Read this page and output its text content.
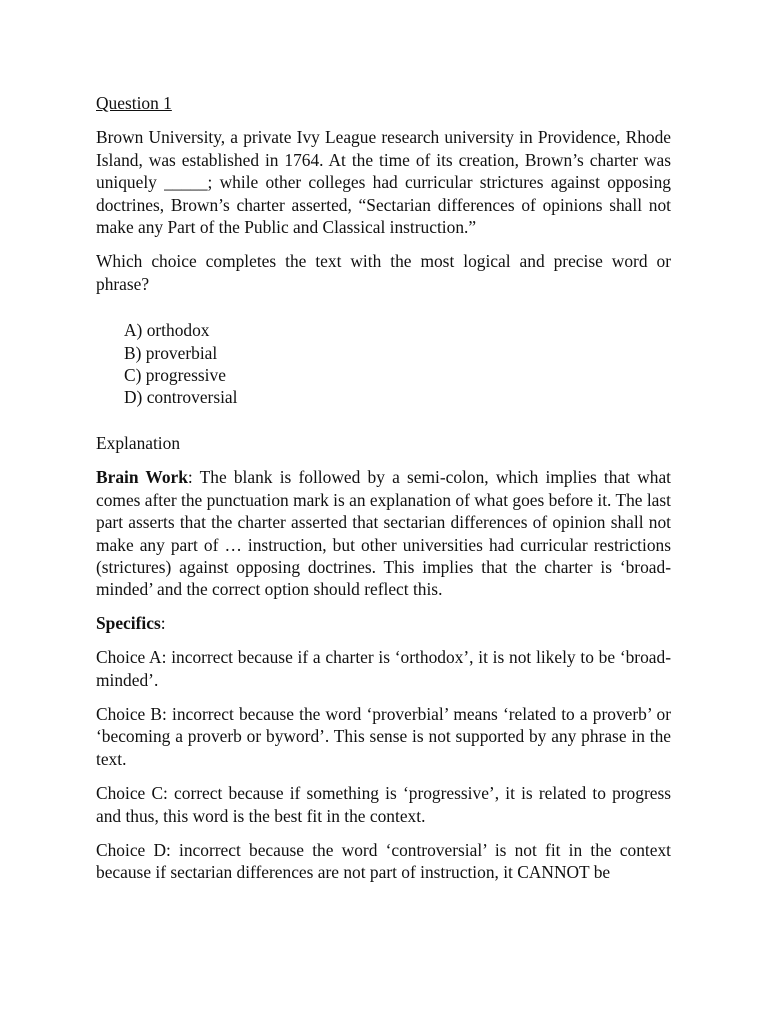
Question 1

Brown University, a private Ivy League research university in Providence, Rhode Island, was established in 1764. At the time of its creation, Brown’s charter was uniquely _____; while other colleges had curricular strictures against opposing doctrines, Brown’s charter asserted, “Sectarian differences of opinions shall not make any Part of the Public and Classical instruction.”

Which choice completes the text with the most logical and precise word or phrase?

A) orthodox
B) proverbial
C) progressive
D) controversial

Explanation

Brain Work: The blank is followed by a semi-colon, which implies that what comes after the punctuation mark is an explanation of what goes before it. The last part asserts that the charter asserted that sectarian differences of opinion shall not make any part of … instruction, but other universities had curricular restrictions (strictures) against opposing doctrines. This implies that the charter is ‘broad-minded’ and the correct option should reflect this.

Specifics:

Choice A: incorrect because if a charter is ‘orthodox’, it is not likely to be ‘broad-minded’.

Choice B: incorrect because the word ‘proverbial’ means ‘related to a proverb’ or ‘becoming a proverb or byword’. This sense is not supported by any phrase in the text.

Choice C: correct because if something is ‘progressive’, it is related to progress and thus, this word is the best fit in the context.

Choice D: incorrect because the word ‘controversial’ is not fit in the context because if sectarian differences are not part of instruction, it CANNOT be
